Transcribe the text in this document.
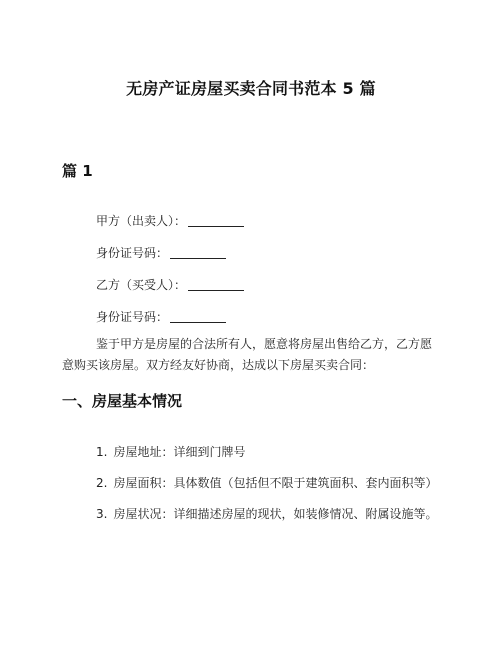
无房产证房屋买卖合同书范本 5 篇
篇 1
甲方（出卖人）：
身份证号码：
乙方（买受人）：
身份证号码：
鉴于甲方是房屋的合法所有人，愿意将房屋出售给乙方，乙方愿意购买该房屋。双方经友好协商，达成以下房屋买卖合同：
一、房屋基本情况
1. 房屋地址：详细到门牌号
2. 房屋面积：具体数值（包括但不限于建筑面积、套内面积等）
3. 房屋状况：详细描述房屋的现状，如装修情况、附属设施等。
